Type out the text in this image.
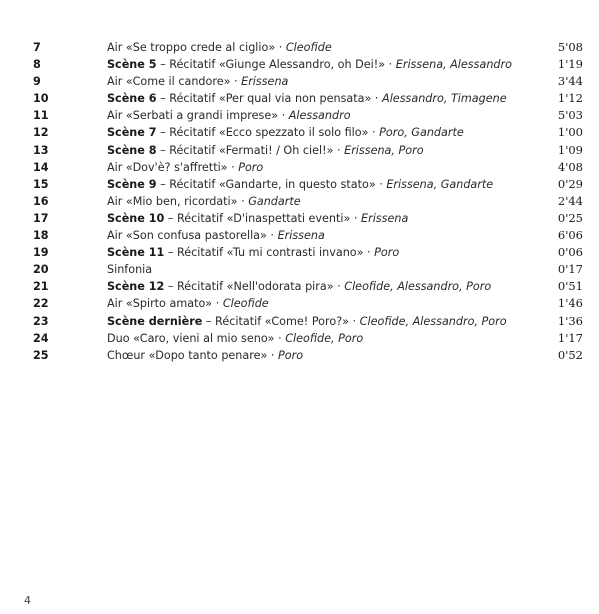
7	Air «Se troppo crede al ciglio» · Cleofide	5'08
8	Scène 5 – Récitatif «Giunge Alessandro, oh Dei!» · Erissena, Alessandro	1'19
9	Air «Come il candore» · Erissena	3'44
10	Scène 6 – Récitatif «Per qual via non pensata» · Alessandro, Timagene	1'12
11	Air «Serbati a grandi imprese» · Alessandro	5'03
12	Scène 7 – Récitatif «Ecco spezzato il solo filo» · Poro, Gandarte	1'00
13	Scène 8 – Récitatif «Fermati! / Oh ciel!» · Erissena, Poro	1'09
14	Air «Dov'è? s'affretti» · Poro	4'08
15	Scène 9 – Récitatif «Gandarte, in questo stato» · Erissena, Gandarte	0'29
16	Air «Mio ben, ricordati» · Gandarte	2'44
17	Scène 10 – Récitatif «D'inaspettati eventi» · Erissena	0'25
18	Air «Son confusa pastorella» · Erissena	6'06
19	Scène 11 – Récitatif «Tu mi contrasti invano» · Poro	0'06
20	Sinfonia	0'17
21	Scène 12 – Récitatif «Nell'odorata pira» · Cleofide, Alessandro, Poro	0'51
22	Air «Spirto amato» · Cleofide	1'46
23	Scène dernière – Récitatif «Come! Poro?» · Cleofide, Alessandro, Poro	1'36
24	Duo «Caro, vieni al mio seno» · Cleofide, Poro	1'17
25	Chœur «Dopo tanto penare» · Poro	0'52
4
